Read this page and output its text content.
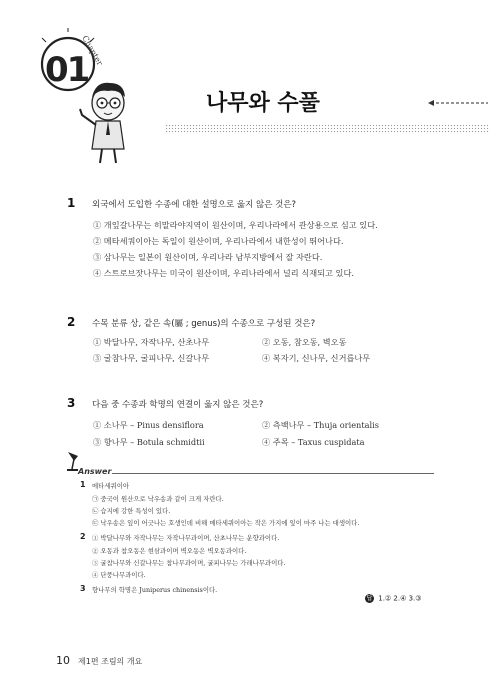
01
Chapter
나무와 수풀
1 외국에서 도입한 수종에 대한 설명으로 옳지 않은 것은?
① 개잎갈나무는 히말라야지역이 원산이며, 우리나라에서 관상용으로 심고 있다.
② 메타세쿼이아는 독일이 원산이며, 우리나라에서 내한성이 뛰어나다.
③ 삼나무는 일본이 원산이며, 우리나라 남부지방에서 잘 자란다.
④ 스트로브잣나무는 미국이 원산이며, 우리나라에서 널리 식재되고 있다.
2 수목 분류 상, 같은 속(屬 ; genus)의 수종으로 구성된 것은?
① 박달나무, 자작나무, 산초나무	② 오동, 참오동, 벽오동
③ 굴참나무, 굴피나무, 신갈나무	④ 복자기, 신나무, 신거릅나무
3 다음 중 수종과 학명의 연결이 옳지 않은 것은?
① 소나무 – Pinus densiflora	② 측백나무 – Thuja orientalis
③ 향나무 – Botula schmidtii	④ 주목 – Taxus cuspidata
Answer
1 메타세쿼이아
㉠ 중국이 원산으로 낙우송과 같이 크게 자란다.
㉡ 습지에 강한 특성이 있다.
㉢ 낙우송은 잎이 어긋나는 호생인데 비해 메타세쿼이아는 작은 가지에 잎이 마주 나는 대생이다.
2 ① 박달나무와 자작나무는 자작나무과이며, 산초나무는 운향과이다.
② 오동과 참오동은 현삼과이며 벽오동은 벽오동과이다.
③ 굴참나무와 신갈나무는 참나무과이며, 굴피나무는 가래나무과이다.
④ 단풍나무과이다.
3 향나무의 학명은 Juniperus chinensis이다.
답 1.② 2.④ 3.③
10 제1편 조림의 개요
